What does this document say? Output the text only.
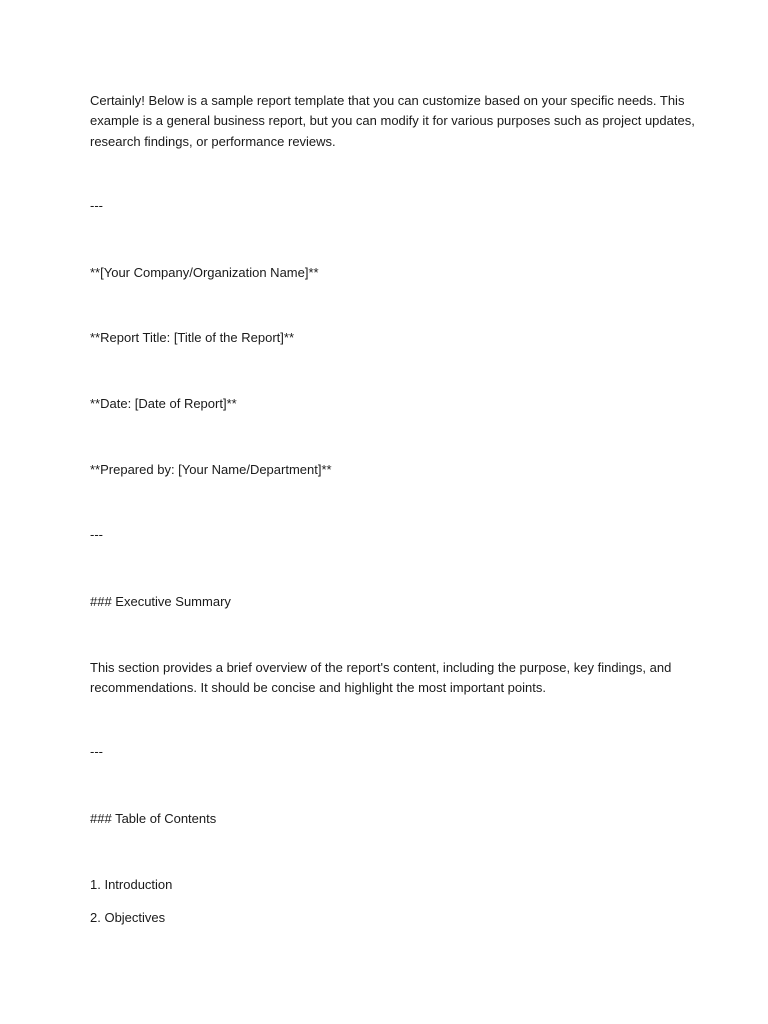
Certainly! Below is a sample report template that you can customize based on your specific needs. This
example is a general business report, but you can modify it for various purposes such as project updates,
research findings, or performance reviews.
---
**[Your Company/Organization Name]**
**Report Title: [Title of the Report]**
**Date: [Date of Report]**
**Prepared by: [Your Name/Department]**
---
### Executive Summary
This section provides a brief overview of the report's content, including the purpose, key findings, and
recommendations. It should be concise and highlight the most important points.
---
### Table of Contents
1. Introduction
2. Objectives
